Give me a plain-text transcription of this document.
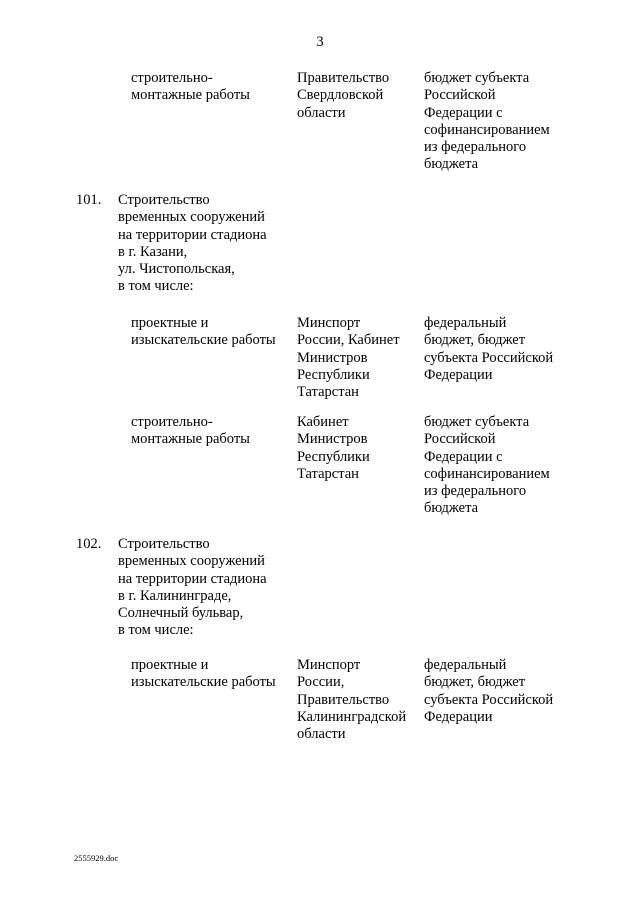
3
строительно-
монтажные работы
Правительство
Свердловской
области
бюджет субъекта
Российской
Федерации с
софинансированием
из федерального
бюджета
101.	Строительство
временных сооружений
на территории стадиона
в г. Казани,
ул. Чистопольская,
в том числе:
проектные и
изыскательские работы
Минспорт
России, Кабинет
Министров
Республики
Татарстан
федеральный
бюджет, бюджет
субъекта Российской
Федерации
строительно-
монтажные работы
Кабинет
Министров
Республики
Татарстан
бюджет субъекта
Российской
Федерации с
софинансированием
из федерального
бюджета
102.	Строительство
временных сооружений
на территории стадиона
в г. Калининграде,
Солнечный бульвар,
в том числе:
проектные и
изыскательские работы
Минспорт
России,
Правительство
Калининградской
области
федеральный
бюджет, бюджет
субъекта Российской
Федерации
2555929.doc
